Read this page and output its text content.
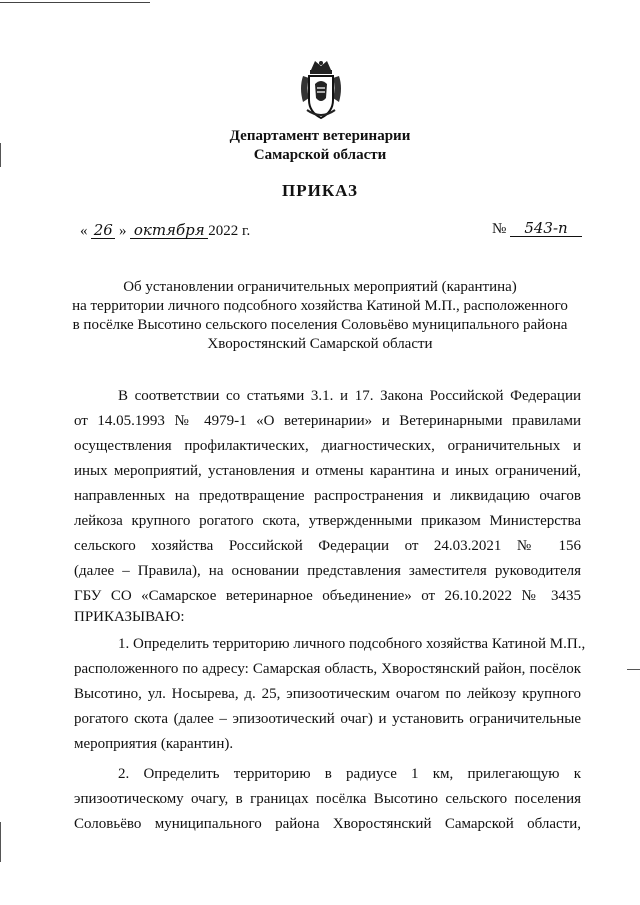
Департамент ветеринарии
Самарской области
ПРИКАЗ
« 26 » октября 2022 г.	№ 543-п
Об установлении ограничительных мероприятий (карантина)
на территории личного подсобного хозяйства Катиной М.П., расположенного
в посёлке Высотино сельского поселения Соловьёво муниципального района
Хворостянский Самарской области
В соответствии со статьями 3.1. и 17. Закона Российской Федерации
от 14.05.1993 № 4979-1 «О ветеринарии» и Ветеринарными правилами
осуществления профилактических, диагностических, ограничительных и
иных мероприятий, установления и отмены карантина и иных ограничений,
направленных на предотвращение распространения и ликвидацию очагов
лейкоза крупного рогатого скота, утвержденными приказом Министерства
сельского хозяйства Российской Федерации от 24.03.2021 № 156
(далее – Правила), на основании представления заместителя руководителя
ГБУ СО «Самарское ветеринарное объединение» от 26.10.2022 № 3435
ПРИКАЗЫВАЮ:
1. Определить территорию личного подсобного хозяйства Катиной М.П.,
расположенного по адресу: Самарская область, Хворостянский район, посёлок
Высотино, ул. Носырева, д. 25, эпизоотическим очагом по лейкозу крупного
рогатого скота (далее – эпизоотический очаг) и установить ограничительные
мероприятия (карантин).
2. Определить территорию в радиусе 1 км, прилегающую к
эпизоотическому очагу, в границах посёлка Высотино сельского поселения
Соловьёво муниципального района Хворостянский Самарской области,
